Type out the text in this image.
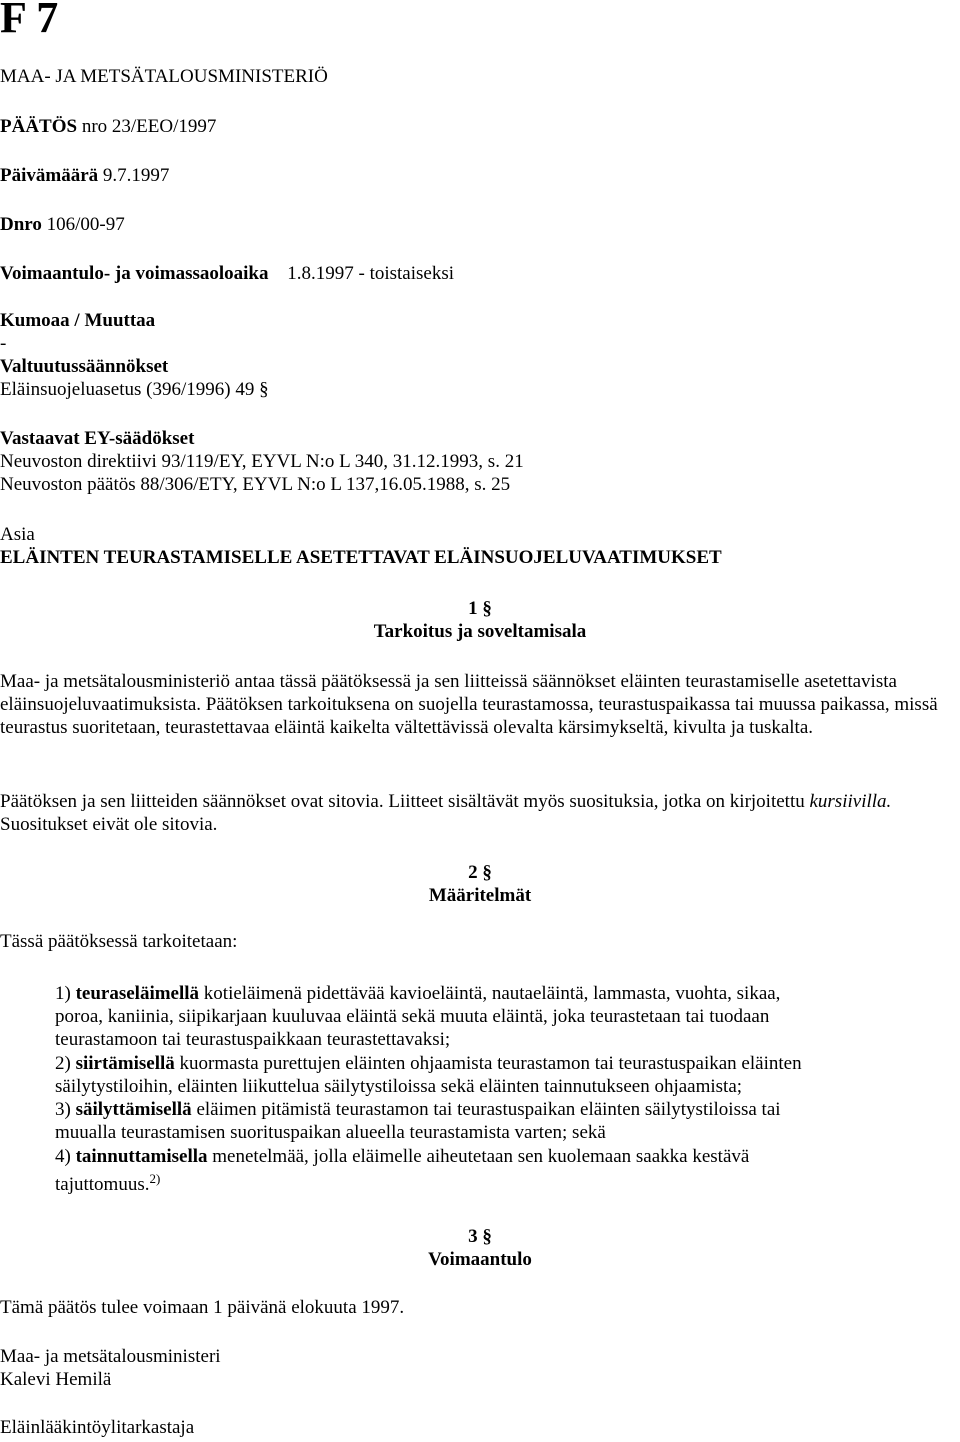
F 7
MAA- JA METSÄTALOUSMINISTERIÖ
PÄÄTÖS nro 23/EEO/1997
Päivämäärä 9.7.1997
Dnro 106/00-97
Voimaantulo- ja voimassaoloaika 1.8.1997 - toistaiseksi
Kumoaa / Muuttaa
-
Valtuutussäännökset
Eläinsuojeluasetus (396/1996) 49 §
Vastaavat EY-säädökset
Neuvoston direktiivi 93/119/EY, EYVL N:o L 340, 31.12.1993, s. 21
Neuvoston päätös 88/306/ETY, EYVL N:o L 137,16.05.1988, s. 25
Asia
ELÄINTEN TEURASTAMISELLE ASETETTAVAT ELÄINSUOJELUVAATIMUKSET
1 §
Tarkoitus ja soveltamisala
Maa- ja metsätalousministeriö antaa tässä päätöksessä ja sen liitteissä säännökset eläinten teurastamiselle asetettavista eläinsuojeluvaatimuksista. Päätöksen tarkoituksena on suojella teurastamossa, teurastuspaikassa tai muussa paikassa, missä teurastus suoritetaan, teurastettavaa eläintä kaikelta vältettävissä olevalta kärsimykseltä, kivulta ja tuskalta.
Päätöksen ja sen liitteiden säännökset ovat sitovia. Liitteet sisältävät myös suosituksia, jotka on kirjoitettu kursiivilla. Suositukset eivät ole sitovia.
2 §
Määritelmät
Tässä päätöksessä tarkoitetaan:
1) teuraseläimellä kotieläimenä pidettävää kavioeläintä, nautaeläintä, lammasta, vuohta, sikaa,
poroa, kaniinia, siipikarjaan kuuluvaa eläintä sekä muuta eläintä, joka teurastetaan tai tuodaan
teurastamoon tai teurastuspaikkaan teurastettavaksi;
2) siirtämisellä kuormasta purettujen eläinten ohjaamista teurastamon tai teurastuspaikan eläinten
säilytystiloihin, eläinten liikuttelua säilytystiloissa sekä eläinten tainnutukseen ohjaamista;
3) säilyttämisellä eläimen pitämistä teurastamon tai teurastuspaikan eläinten säilytystiloissa tai
muualla teurastamisen suorituspaikan alueella teurastamista varten; sekä
4) tainnuttamisella menetelmää, jolla eläimelle aiheutetaan sen kuolemaan saakka kestävä
tajuttomuus.$^{2)}$
3 §
Voimaantulo
Tämä päätös tulee voimaan 1 päivänä elokuuta 1997.
Maa- ja metsätalousministeri
Kalevi Hemilä
Eläinlääkintöylitarkastaja
